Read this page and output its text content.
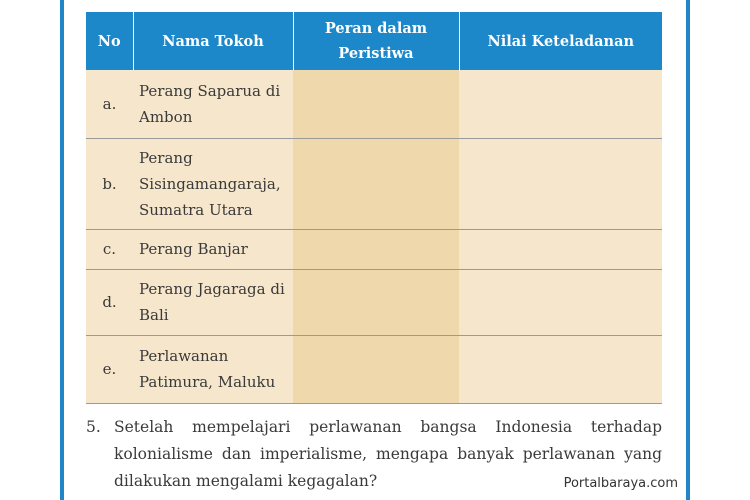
No	Nama Tokoh	Peran dalam Peristiwa	Nilai Keteladanan
a.	Perang Saparua di Ambon		
b.	Perang Sisingamangaraja, Sumatra Utara		
c.	Perang Banjar		
d.	Perang Jagaraga di Bali		
e.	Perlawanan Patimura, Maluku		
5. Setelah mempelajari perlawanan bangsa Indonesia terhadap kolonialisme dan imperialisme, mengapa banyak perlawanan yang dilakukan mengalami kegagalan?	Portalbaraya.com
